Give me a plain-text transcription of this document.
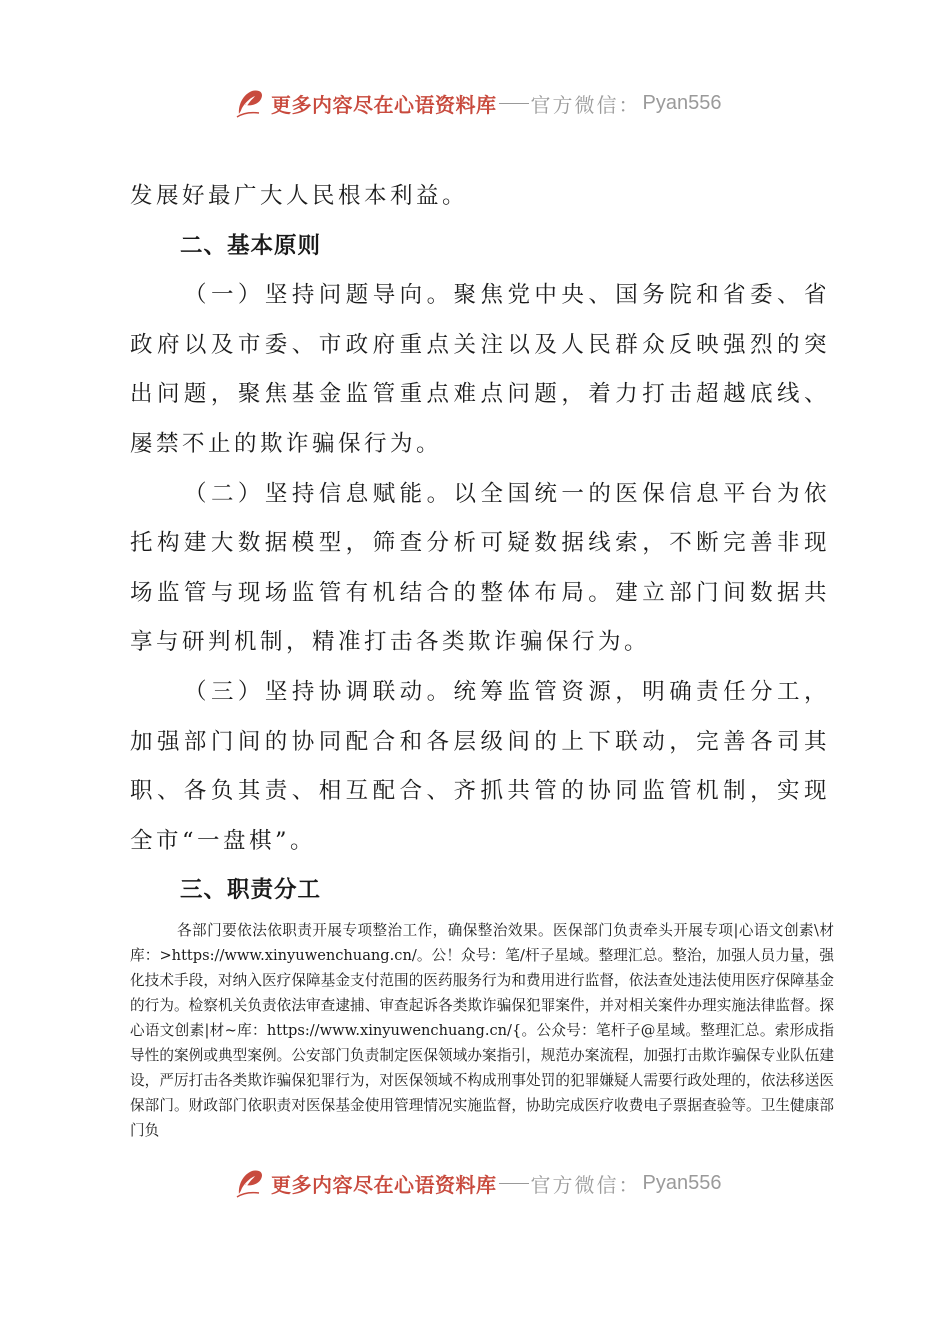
更多内容尽在心语资料库 官方微信： Pyan556

发展好最广大人民根本利益。

二、基本原则

（一）坚持问题导向。聚焦党中央、国务院和省委、省政府以及市委、市政府重点关注以及人民群众反映强烈的突出问题，聚焦基金监管重点难点问题，着力打击超越底线、屡禁不止的欺诈骗保行为。

（二）坚持信息赋能。以全国统一的医保信息平台为依托构建大数据模型，筛查分析可疑数据线索，不断完善非现场监管与现场监管有机结合的整体布局。建立部门间数据共享与研判机制，精准打击各类欺诈骗保行为。

（三）坚持协调联动。统筹监管资源，明确责任分工，加强部门间的协同配合和各层级间的上下联动，完善各司其职、各负其责、相互配合、齐抓共管的协同监管机制，实现全市“一盘棋”。

三、职责分工

各部门要依法依职责开展专项整治工作，确保整治效果。医保部门负责牵头开展专项|心语文创素\材库：>https://www.xinyuwenchuang.cn/。公！众号：笔/杆子星域。整理汇总。整治，加强人员力量，强化技术手段，对纳入医疗保障基金支付范围的医药服务行为和费用进行监督，依法查处违法使用医疗保障基金的行为。检察机关负责依法审查逮捕、审查起诉各类欺诈骗保犯罪案件，并对相关案件办理实施法律监督。探心语文创素|材~库：https://www.xinyuwenchuang.cn/{。公众号：笔杆子@星域。整理汇总。索形成指导性的案例或典型案例。公安部门负责制定医保领域办案指引，规范办案流程，加强打击欺诈骗保专业队伍建设，严厉打击各类欺诈骗保犯罪行为，对医保领域不构成刑事处罚的犯罪嫌疑人需要行政处理的，依法移送医保部门。财政部门依职责对医保基金使用管理情况实施监督，协助完成医疗收费电子票据查验等。卫生健康部门负

更多内容尽在心语资料库 官方微信： Pyan556
